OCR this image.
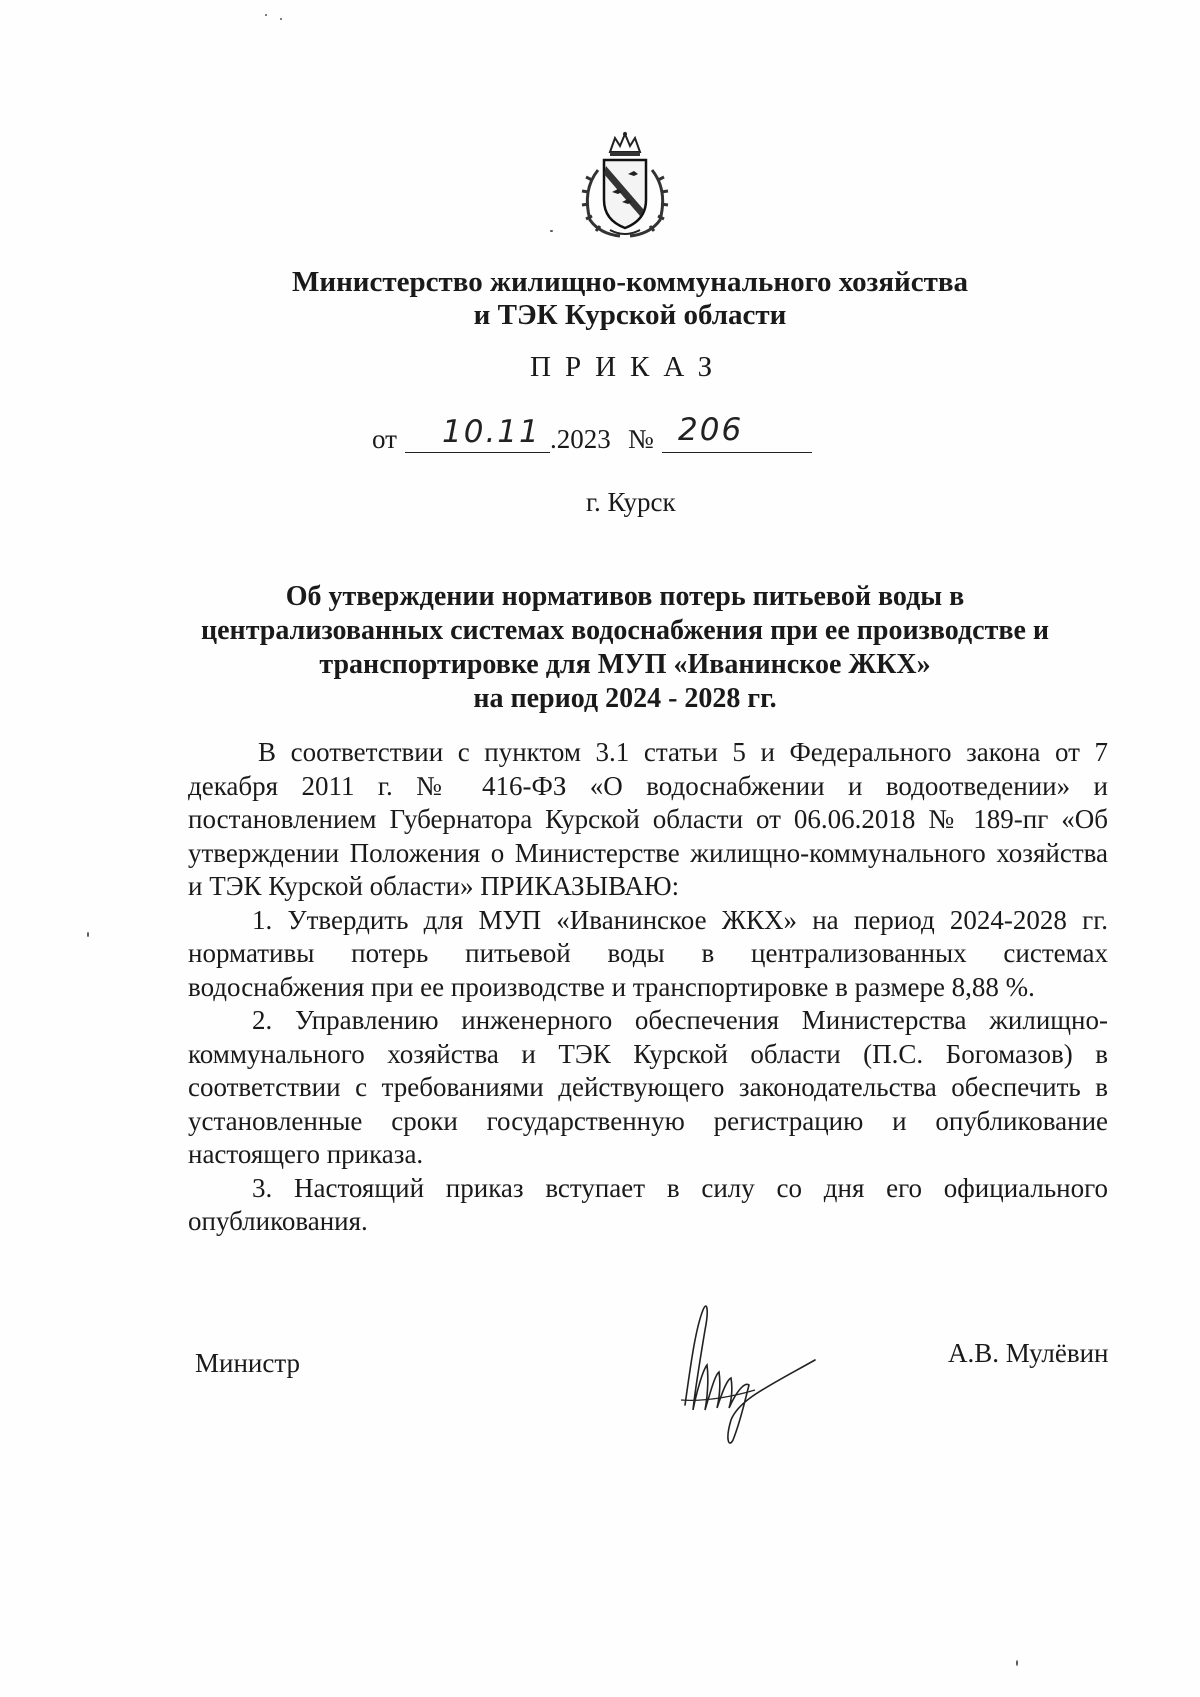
Министерство жилищно-коммунального хозяйства
и ТЭК Курской области
ПРИКАЗ
от 10.11 .2023 № 206
г. Курск
Об утверждении нормативов потерь питьевой воды в
централизованных системах водоснабжения при ее производстве и
транспортировке для МУП «Иванинское ЖКХ»
на период 2024 - 2028 гг.

В соответствии с пунктом 3.1 статьи 5 и Федерального закона от 7 декабря 2011 г. № 416-ФЗ «О водоснабжении и водоотведении» и постановлением Губернатора Курской области от 06.06.2018 № 189-пг «Об утверждении Положения о Министерстве жилищно-коммунального хозяйства и ТЭК Курской области» ПРИКАЗЫВАЮ:

1. Утвердить для МУП «Иванинское ЖКХ» на период 2024-2028 гг. нормативы потерь питьевой воды в централизованных системах водоснабжения при ее производстве и транспортировке в размере 8,88 %.

2. Управлению инженерного обеспечения Министерства жилищно-коммунального хозяйства и ТЭК Курской области (П.С. Богомазов) в соответствии с требованиями действующего законодательства обеспечить в установленные сроки государственную регистрацию и опубликование настоящего приказа.

3. Настоящий приказ вступает в силу со дня его официального опубликования.

Министр	А.В. Мулёвин
